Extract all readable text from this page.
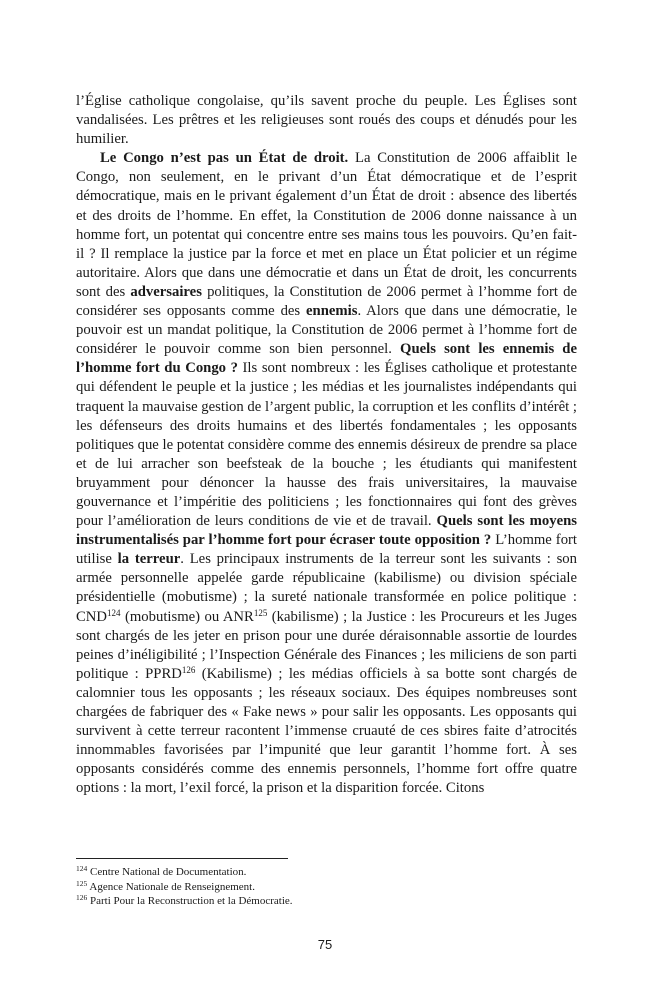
l’Église catholique congolaise, qu’ils savent proche du peuple. Les Églises sont vandalisées. Les prêtres et les religieuses sont roués des coups et dénudés pour les humilier.

Le Congo n’est pas un État de droit. La Constitution de 2006 affaiblit le Congo, non seulement, en le privant d’un État démocratique et de l’esprit démocratique, mais en le privant également d’un État de droit : absence des libertés et des droits de l’homme. En effet, la Constitution de 2006 donne naissance à un homme fort, un potentat qui concentre entre ses mains tous les pouvoirs. Qu’en fait-il ? Il remplace la justice par la force et met en place un État policier et un régime autoritaire. Alors que dans une démocratie et dans un État de droit, les concurrents sont des adversaires politiques, la Constitution de 2006 permet à l’homme fort de considérer ses opposants comme des ennemis. Alors que dans une démocratie, le pouvoir est un mandat politique, la Constitution de 2006 permet à l’homme fort de considérer le pouvoir comme son bien personnel. Quels sont les ennemis de l’homme fort du Congo ? Ils sont nombreux : les Églises catholique et protestante qui défendent le peuple et la justice ; les médias et les journalistes indépendants qui traquent la mauvaise gestion de l’argent public, la corruption et les conflits d’intérêt ; les défenseurs des droits humains et des libertés fondamentales ; les opposants politiques que le potentat considère comme des ennemis désireux de prendre sa place et de lui arracher son beefsteak de la bouche ; les étudiants qui manifestent bruyamment pour dénoncer la hausse des frais universitaires, la mauvaise gouvernance et l’impéritie des politiciens ; les fonctionnaires qui font des grèves pour l’amélioration de leurs conditions de vie et de travail. Quels sont les moyens instrumentalisés par l’homme fort pour écraser toute opposition ? L’homme fort utilise la terreur. Les principaux instruments de la terreur sont les suivants : son armée personnelle appelée garde républicaine (kabilisme) ou division spéciale présidentielle (mobutisme) ; la sureté nationale transformée en police politique : CND$^{124}$ (mobutisme) ou ANR$^{125}$ (kabilisme) ; la Justice : les Procureurs et les Juges sont chargés de les jeter en prison pour une durée déraisonnable assortie de lourdes peines d’inéligibilité ; l’Inspection Générale des Finances ; les miliciens de son parti politique : PPRD$^{126}$ (Kabilisme) ; les médias officiels à sa botte sont chargés de calomnier tous les opposants ; les réseaux sociaux. Des équipes nombreuses sont chargées de fabriquer des « Fake news » pour salir les opposants. Les opposants qui survivent à cette terreur racontent l’immense cruauté de ces sbires faite d’atrocités innommables favorisées par l’impunité que leur garantit l’homme fort. À ses opposants considérés comme des ennemis personnels, l’homme fort offre quatre options : la mort, l’exil forcé, la prison et la disparition forcée. Citons

$^{124}$ Centre National de Documentation.
$^{125}$ Agence Nationale de Renseignement.
$^{126}$ Parti Pour la Reconstruction et la Démocratie.
75
